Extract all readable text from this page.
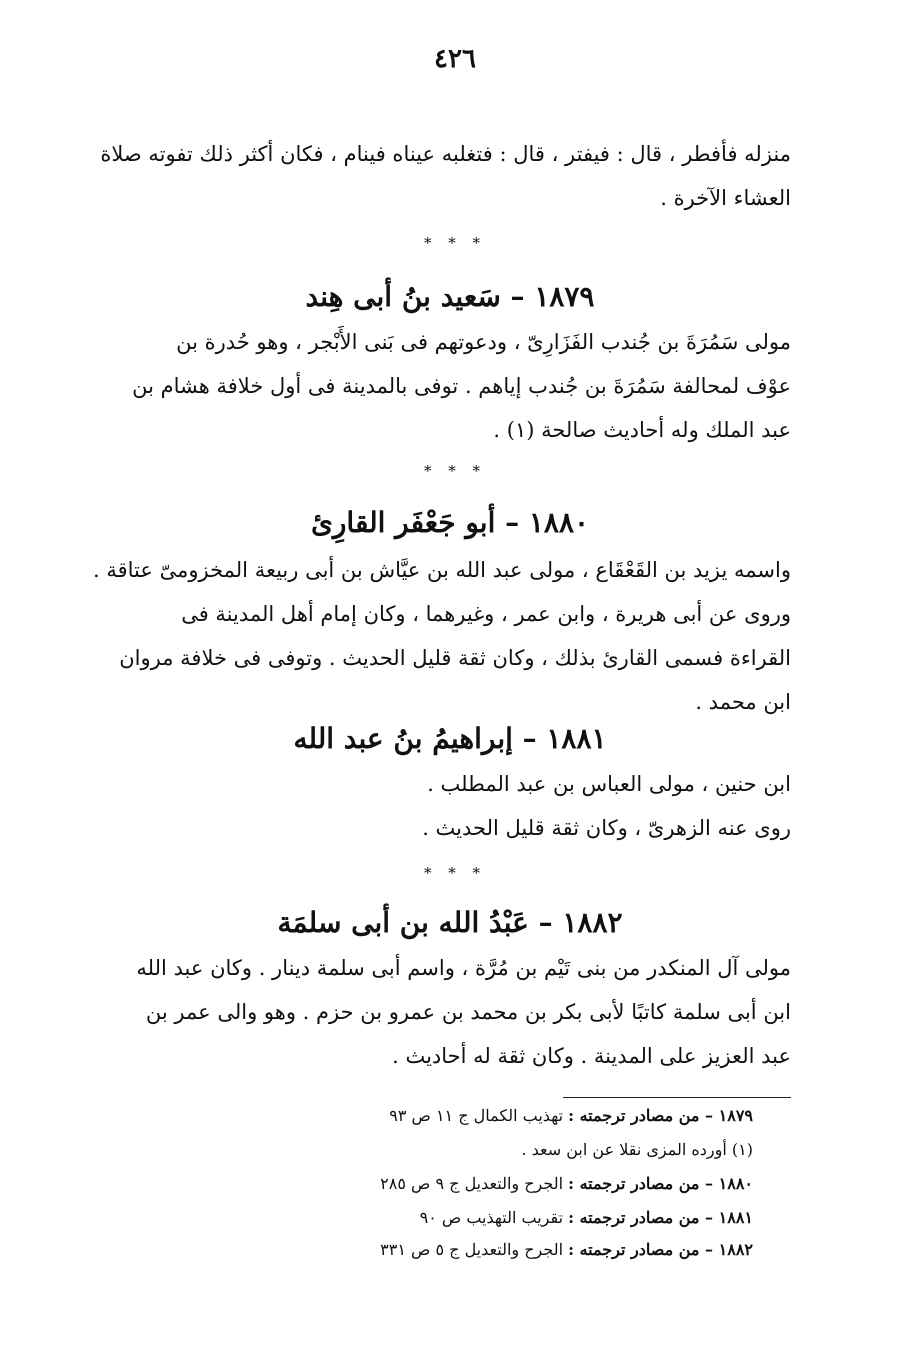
٤٢٦
منزله فأفطر ، قال : فيفتر ، قال : فتغلبه عيناه فينام ، فكان أكثر ذلك تفوته صلاة
العشاء الآخرة .
* * *
١٨٧٩ – سَعيد بنُ أبى هِند
مولى سَمُرَةَ بن جُندب الفَزَارِىّ ، ودعوتهم فى بَنى الأَبْجر ، وهو حُدرة بن
عوْف لمحالفة سَمُرَةَ بن جُندب إياهم . توفى بالمدينة فى أول خلافة هشام بن
عبد الملك وله أحاديث صالحة (١) .
* * *
١٨٨٠ – أبو جَعْفَر القارِئ
واسمه يزيد بن القَعْقَاع ، مولى عبد الله بن عيَّاش بن أبى ربيعة المخزومىّ عتاقة .
وروى عن أبى هريرة ، وابن عمر ، وغيرهما ، وكان إمام أهل المدينة فى
القراءة فسمى القارئ بذلك ، وكان ثقة قليل الحديث . وتوفى فى خلافة مروان
ابن محمد .
١٨٨١ – إبراهيمُ بنُ عبد الله
ابن حنين ، مولى العباس بن عبد المطلب .
روى عنه الزهرىّ ، وكان ثقة قليل الحديث .
* * *
١٨٨٢ – عَبْدُ الله بن أبى سلمَة
مولى آل المنكدر من بنى تَيْم بن مُرَّة ، واسم أبى سلمة دينار . وكان عبد الله
ابن أبى سلمة كاتبًا لأبى بكر بن محمد بن عمرو بن حزم . وهو والى عمر بن
عبد العزيز على المدينة . وكان ثقة له أحاديث .
١٨٧٩ – من مصادر ترجمته : تهذيب الكمال ج ١١ ص ٩٣
(١) أورده المزى نقلا عن ابن سعد .
١٨٨٠ – من مصادر ترجمته : الجرح والتعديل ج ٩ ص ٢٨٥
١٨٨١ – من مصادر ترجمته : تقريب التهذيب ص ٩٠
١٨٨٢ – من مصادر ترجمته : الجرح والتعديل ج ٥ ص ٣٣١
